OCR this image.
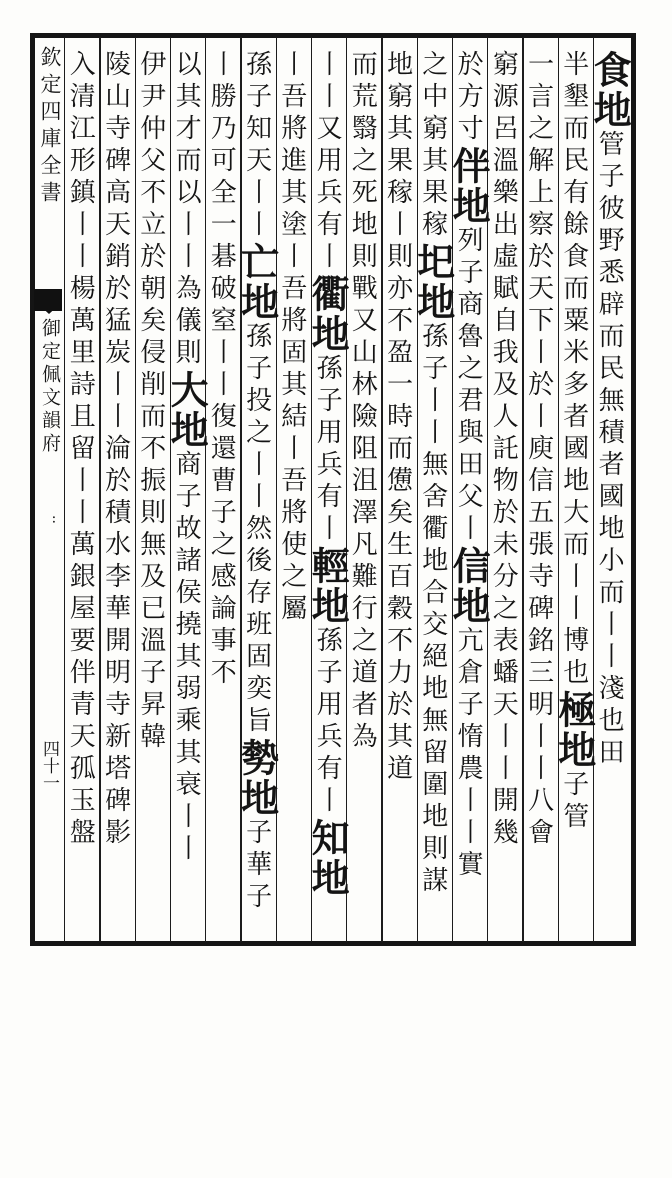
欽定四庫全書
御定佩文韻府
··
四十一
食地管子彼野悉辟而民無積者國地小而丨丨淺也田
半墾而民有餘食而粟米多者國地大而丨丨博也極地子管
一言之解上察於天下丨於丨庾信五張寺碑銘三明丨丨八會
窮源呂溫樂出虛賦自我及人託物於未分之表蟠天丨丨開幾
於方寸伴地列子商魯之君與田父丨信地亢倉子惰農丨丨實
之中窮其果稼圯地孫子丨丨無舍衢地合交絕地無留圍地則謀
地窮其果稼丨則亦不盈一時而憊矣生百穀不力於其道
而荒翳之死地則戰又山林險阻沮澤凡難行之道者為
丨丨又用兵有丨衢地孫子用兵有丨輕地孫子用兵有丨知地
丨吾將進其塗丨吾將固其結丨吾將使之屬
孫子知天丨丨亡地孫子投之丨丨然後存班固奕旨勢地子華子
丨勝乃可全一碁破窒丨丨復還曹子之感論事不
以其才而以丨丨為儀則大地商子故諸侯撓其弱乘其衰丨丨
伊尹仲父不立於朝矣侵削而不振則無及已溫子昇韓
陵山寺碑高天銷於猛炭丨丨淪於積水李華開明寺新塔碑影
入清江形鎮丨丨楊萬里詩且留丨丨萬銀屋要伴青天孤玉盤
